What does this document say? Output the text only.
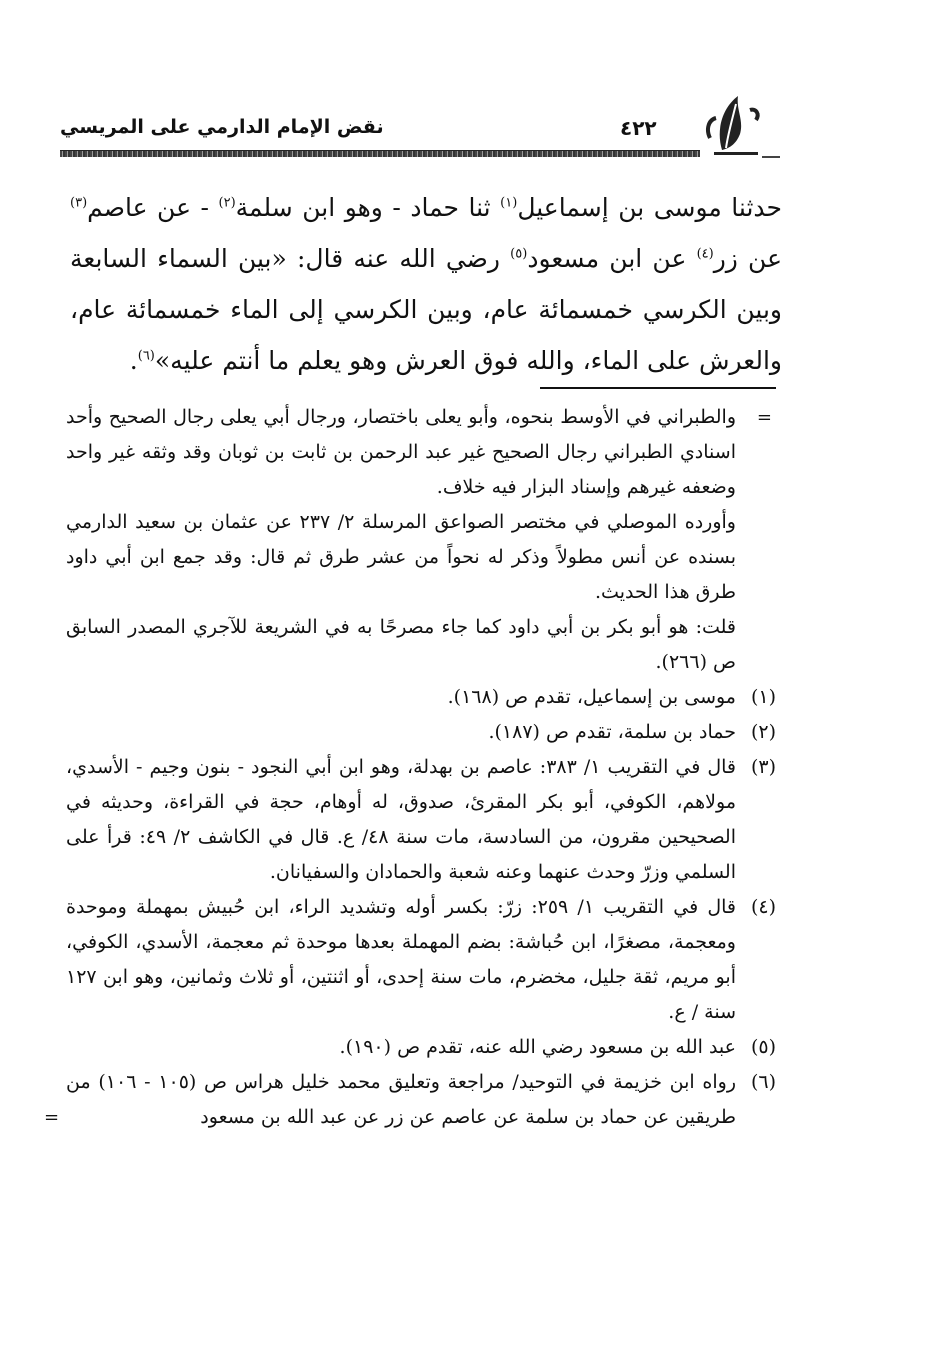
نقض الإمام الدارمي على المريسي	٤٢٢

حدثنا موسى بن إسماعيل$^{(١)}$ ثنا حماد - وهو ابن سلمة$^{(٢)}$ - عن عاصم$^{(٣)}$ عن زر$^{(٤)}$ عن ابن مسعود$^{(٥)}$ رضي الله عنه قال: «بين السماء السابعة وبين الكرسي خمسمائة عام، وبين الكرسي إلى الماء خمسمائة عام، والعرش على الماء، والله فوق العرش وهو يعلم ما أنتم عليه»$^{(٦)}$.

=

والطبراني في الأوسط بنحوه، وأبو يعلى باختصار، ورجال أبي يعلى رجال الصحيح وأحد اسنادي الطبراني رجال الصحيح غير عبد الرحمن بن ثابت بن ثوبان وقد وثقه غير واحد وضعفه غيرهم وإسناد البزار فيه خلاف.

وأورده الموصلي في مختصر الصواعق المرسلة ٢/ ٢٣٧ عن عثمان بن سعيد الدارمي بسنده عن أنس مطولاً وذكر له نحواً من عشر طرق ثم قال: وقد جمع ابن أبي داود طرق هذا الحديث.

قلت: هو أبو بكر بن أبي داود كما جاء مصرحًا به في الشريعة للآجري المصدر السابق ص (٢٦٦).

(١)
موسى بن إسماعيل، تقدم ص (١٦٨).

(٢)
حماد بن سلمة، تقدم ص (١٨٧).

(٣)
قال في التقريب ١/ ٣٨٣: عاصم بن بهدلة، وهو ابن أبي النجود - بنون وجيم - الأسدي، مولاهم، الكوفي، أبو بكر المقرئ، صدوق، له أوهام، حجة في القراءة، وحديثه في الصحيحين مقرون، من السادسة، مات سنة ٤٨/ ع. قال في الكاشف ٢/ ٤٩: قرأ على السلمي وزرّ وحدث عنهما وعنه شعبة والحمادان والسفيانان.

(٤)
قال في التقريب ١/ ٢٥٩: زرّ: بكسر أوله وتشديد الراء، ابن حُبيش بمهملة وموحدة ومعجمة، مصغرًا، ابن حُباشة: بضم المهملة بعدها موحدة ثم معجمة، الأسدي، الكوفي، أبو مريم، ثقة جليل، مخضرم، مات سنة إحدى، أو اثنتين، أو ثلاث وثمانين، وهو ابن ١٢٧ سنة / ع.

(٥)
عبد الله بن مسعود رضي الله عنه، تقدم ص (١٩٠).

(٦)
رواه ابن خزيمة في التوحيد/ مراجعة وتعليق محمد خليل هراس ص (١٠٥ - ١٠٦) من طريقين عن حماد بن سلمة عن عاصم عن زر عن عبد الله بن مسعود
=
